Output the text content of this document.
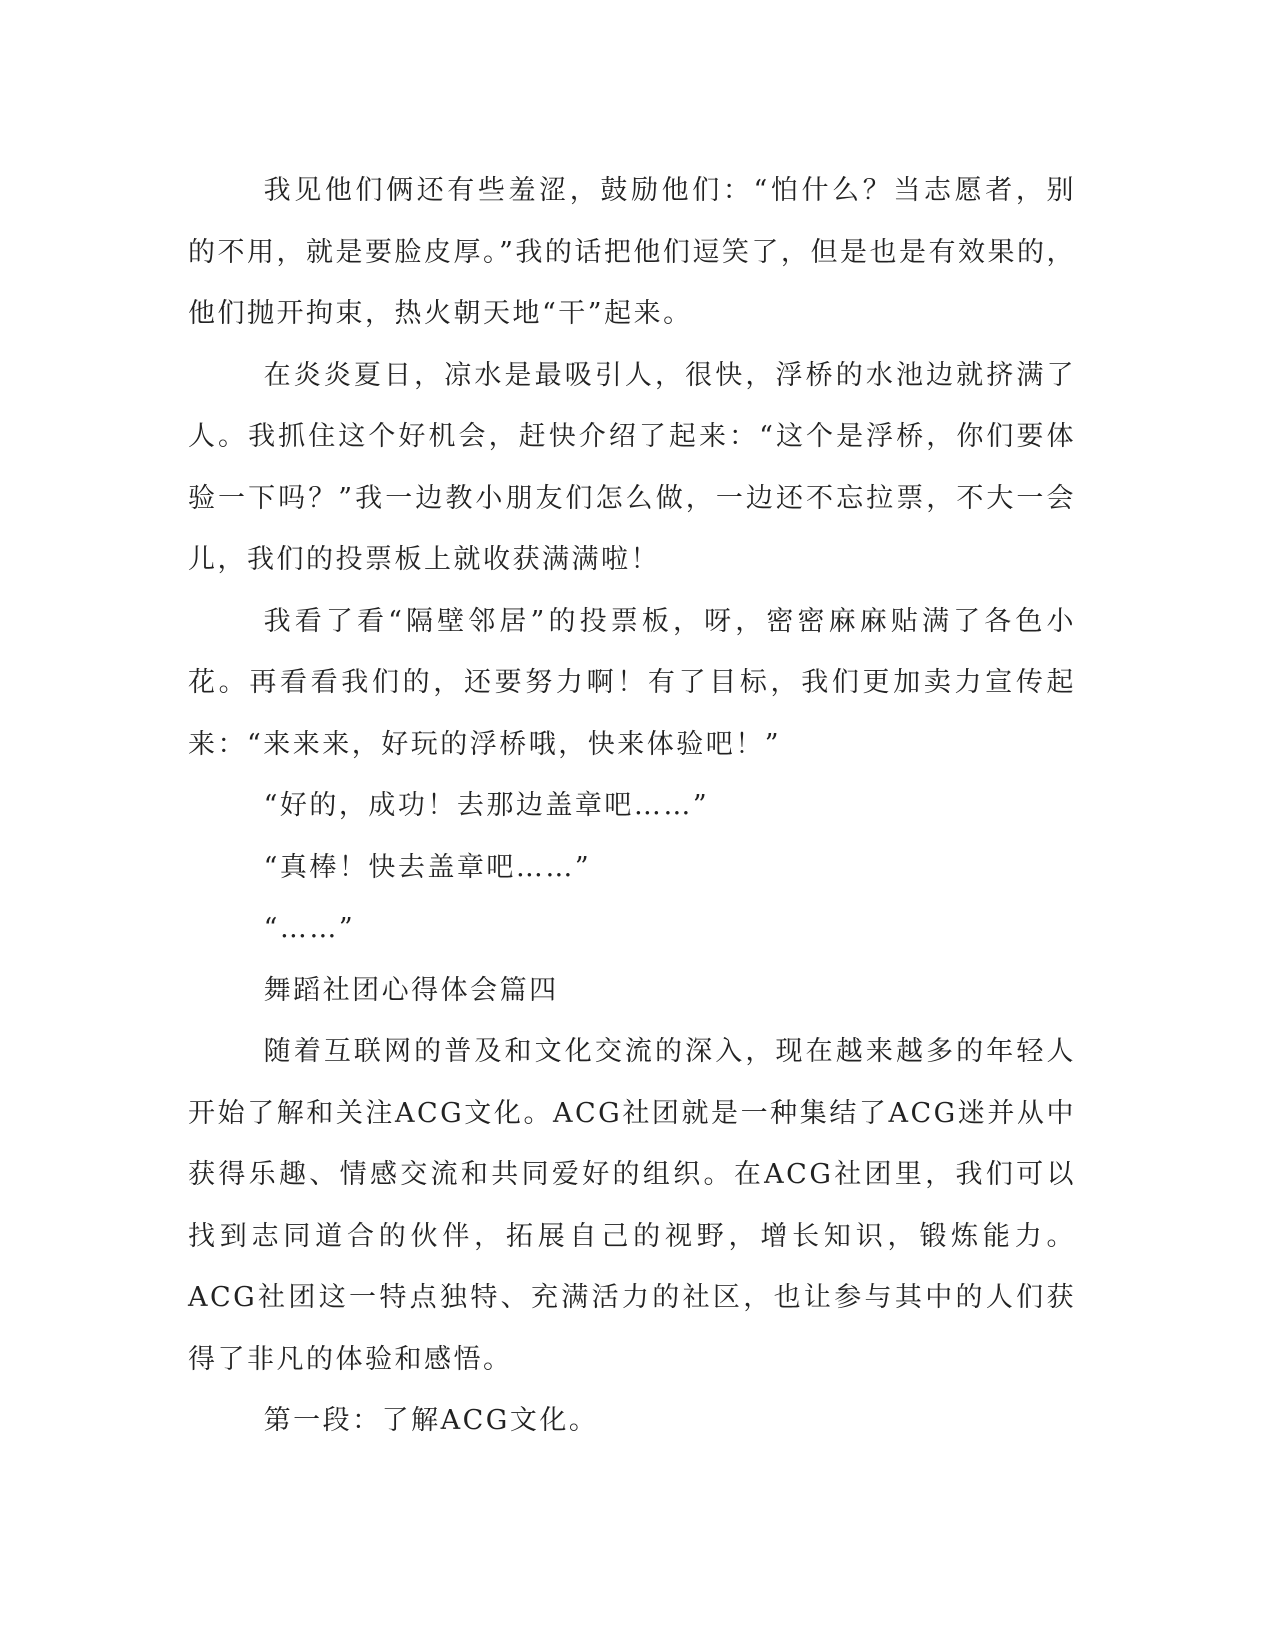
我见他们俩还有些羞涩，鼓励他们：“怕什么？当志愿者，别的不用，就是要脸皮厚。”我的话把他们逗笑了，但是也是有效果的，他们抛开拘束，热火朝天地“干”起来。

在炎炎夏日，凉水是最吸引人，很快，浮桥的水池边就挤满了人。我抓住这个好机会，赶快介绍了起来：“这个是浮桥，你们要体验一下吗？”我一边教小朋友们怎么做，一边还不忘拉票，不大一会儿，我们的投票板上就收获满满啦！

我看了看“隔壁邻居”的投票板，呀，密密麻麻贴满了各色小花。再看看我们的，还要努力啊！有了目标，我们更加卖力宣传起来：“来来来，好玩的浮桥哦，快来体验吧！”

“好的，成功！去那边盖章吧……”

“真棒！快去盖章吧……”

“……”

舞蹈社团心得体会篇四

随着互联网的普及和文化交流的深入，现在越来越多的年轻人开始了解和关注ACG文化。ACG社团就是一种集结了ACG迷并从中获得乐趣、情感交流和共同爱好的组织。在ACG社团里，我们可以找到志同道合的伙伴，拓展自己的视野，增长知识，锻炼能力。ACG社团这一特点独特、充满活力的社区，也让参与其中的人们获得了非凡的体验和感悟。

第一段：了解ACG文化。
